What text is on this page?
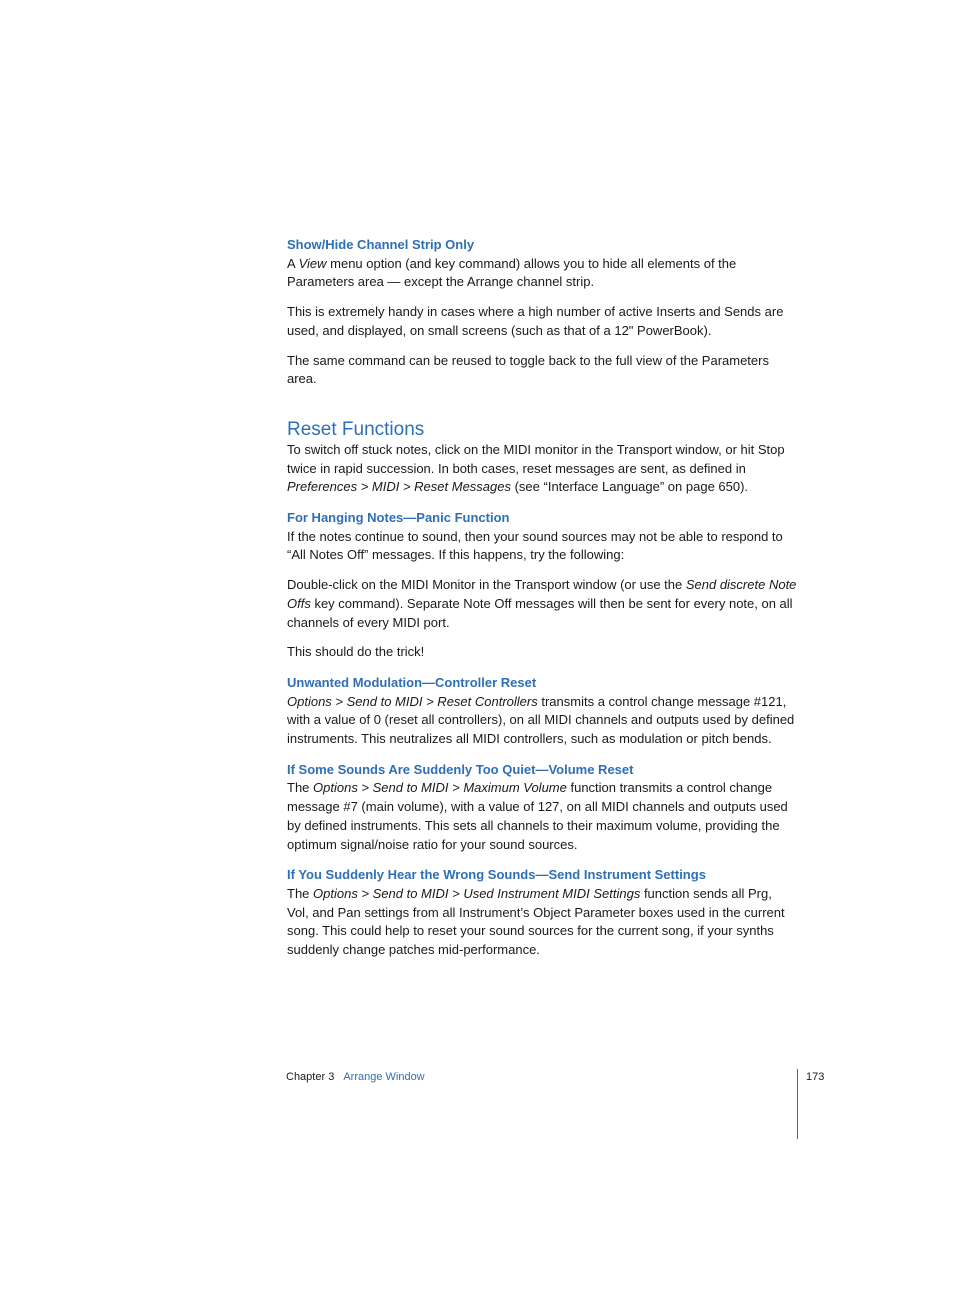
Show/Hide Channel Strip Only

A View menu option (and key command) allows you to hide all elements of the Parameters area — except the Arrange channel strip.

This is extremely handy in cases where a high number of active Inserts and Sends are used, and displayed, on small screens (such as that of a 12" PowerBook).

The same command can be reused to toggle back to the full view of the Parameters area.

Reset Functions

To switch off stuck notes, click on the MIDI monitor in the Transport window, or hit Stop twice in rapid succession. In both cases, reset messages are sent, as defined in Preferences > MIDI > Reset Messages (see “Interface Language” on page 650).

For Hanging Notes—Panic Function

If the notes continue to sound, then your sound sources may not be able to respond to “All Notes Off” messages. If this happens, try the following:

Double-click on the MIDI Monitor in the Transport window (or use the Send discrete Note Offs key command). Separate Note Off messages will then be sent for every note, on all channels of every MIDI port.

This should do the trick!

Unwanted Modulation—Controller Reset

Options > Send to MIDI > Reset Controllers transmits a control change message #121, with a value of 0 (reset all controllers), on all MIDI channels and outputs used by defined instruments. This neutralizes all MIDI controllers, such as modulation or pitch bends.

If Some Sounds Are Suddenly Too Quiet—Volume Reset

The Options > Send to MIDI > Maximum Volume function transmits a control change message #7 (main volume), with a value of 127, on all MIDI channels and outputs used by defined instruments. This sets all channels to their maximum volume, providing the optimum signal/noise ratio for your sound sources.

If You Suddenly Hear the Wrong Sounds—Send Instrument Settings

The Options > Send to MIDI > Used Instrument MIDI Settings function sends all Prg, Vol, and Pan settings from all Instrument’s Object Parameter boxes used in the current song. This could help to reset your sound sources for the current song, if your synths suddenly change patches mid-performance.

Chapter 3 Arrange Window	173
